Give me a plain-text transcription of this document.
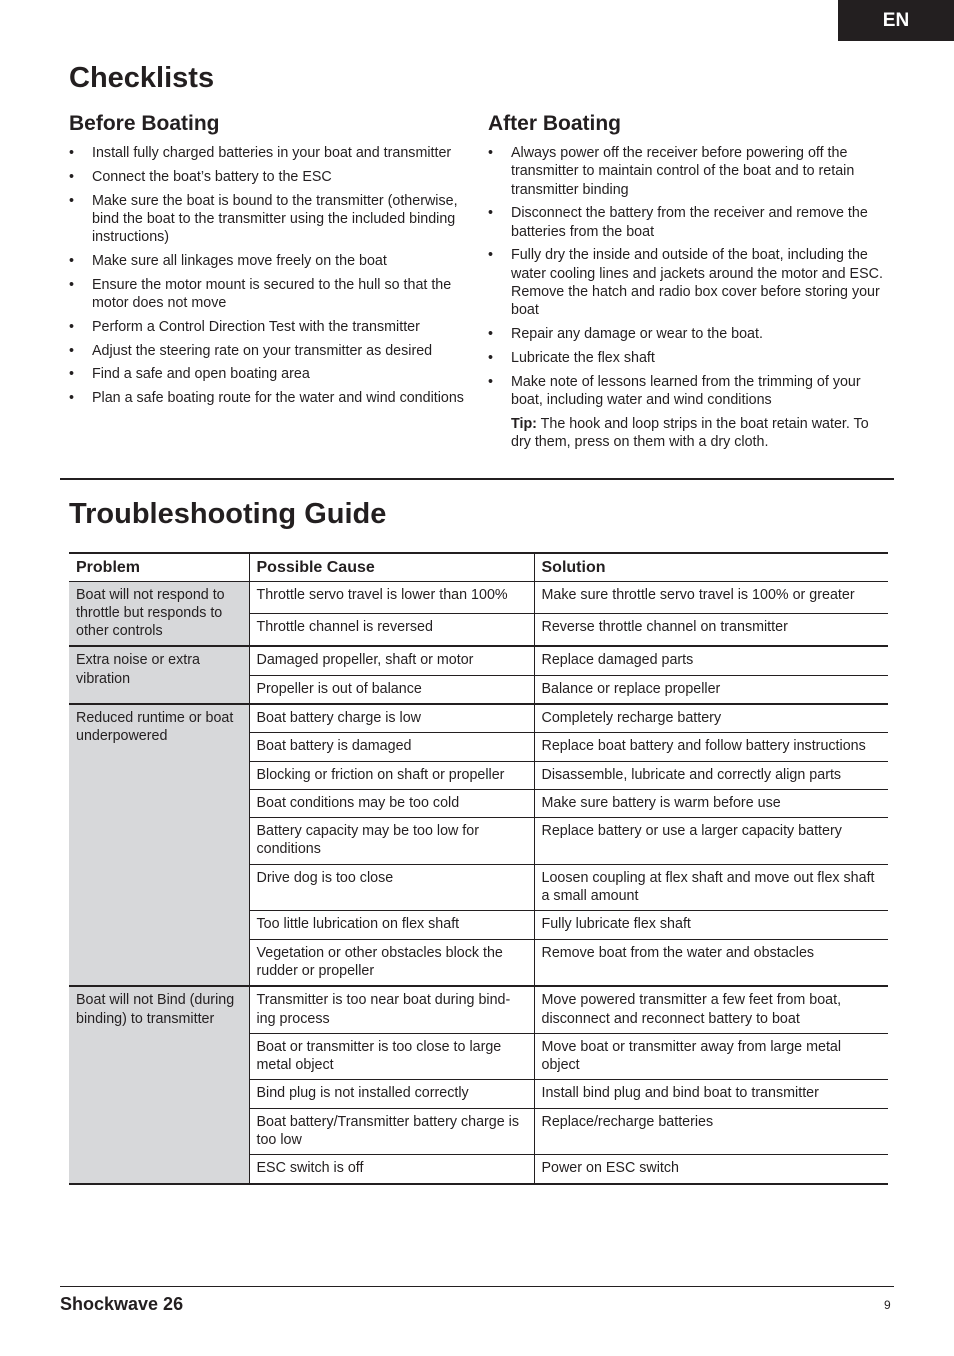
EN
Checklists
Before Boating
• Install fully charged batteries in your boat and transmitter
• Connect the boat’s battery to the ESC
• Make sure the boat is bound to the transmitter (otherwise, bind the boat to the transmitter using the included binding instructions)
• Make sure all linkages move freely on the boat
• Ensure the motor mount is secured to the hull so that the motor does not move
• Perform a Control Direction Test with the transmitter
• Adjust the steering rate on your transmitter as desired
• Find a safe and open boating area
• Plan a safe boating route for the water and wind conditions
After Boating
• Always power off the receiver before powering off the transmitter to maintain control of the boat and to retain transmitter binding
• Disconnect the battery from the receiver and remove the batteries from the boat
• Fully dry the inside and outside of the boat, including the water cooling lines and jackets around the motor and ESC. Remove the hatch and radio box cover before storing your boat
• Repair any damage or wear to the boat.
• Lubricate the flex shaft
• Make note of lessons learned from the trimming of your boat, including water and wind conditions

Tip: The hook and loop strips in the boat retain water. To dry them, press on them with a dry cloth.

Troubleshooting Guide
Problem	Possible Cause	Solution
Boat will not respond to throttle but responds to other controls	Throttle servo travel is lower than 100%	Make sure throttle servo travel is 100% or greater
	Throttle channel is reversed	Reverse throttle channel on transmitter
Extra noise or extra vibration	Damaged propeller, shaft or motor	Replace damaged parts
	Propeller is out of balance	Balance or replace propeller
Reduced runtime or boat underpowered	Boat battery charge is low	Completely recharge battery
	Boat battery is damaged	Replace boat battery and follow battery instructions
	Blocking or friction on shaft or propeller	Disassemble, lubricate and correctly align parts
	Boat conditions may be too cold	Make sure battery is warm before use
	Battery capacity may be too low for conditions	Replace battery or use a larger capacity battery
	Drive dog is too close	Loosen coupling at flex shaft and move out flex shaft a small amount
	Too little lubrication on flex shaft	Fully lubricate flex shaft
	Vegetation or other obstacles block the rudder or propeller	Remove boat from the water and obstacles
Boat will not Bind (during binding) to transmitter	Transmitter is too near boat during bind-ing process	Move powered transmitter a few feet from boat, disconnect and reconnect battery to boat
	Boat or transmitter is too close to large metal object	Move boat or transmitter away from large metal object
	Bind plug is not installed correctly	Install bind plug and bind boat to transmitter
	Boat battery/Transmitter battery charge is too low	Replace/recharge batteries
	ESC switch is off	Power on ESC switch
Shockwave 26	9
